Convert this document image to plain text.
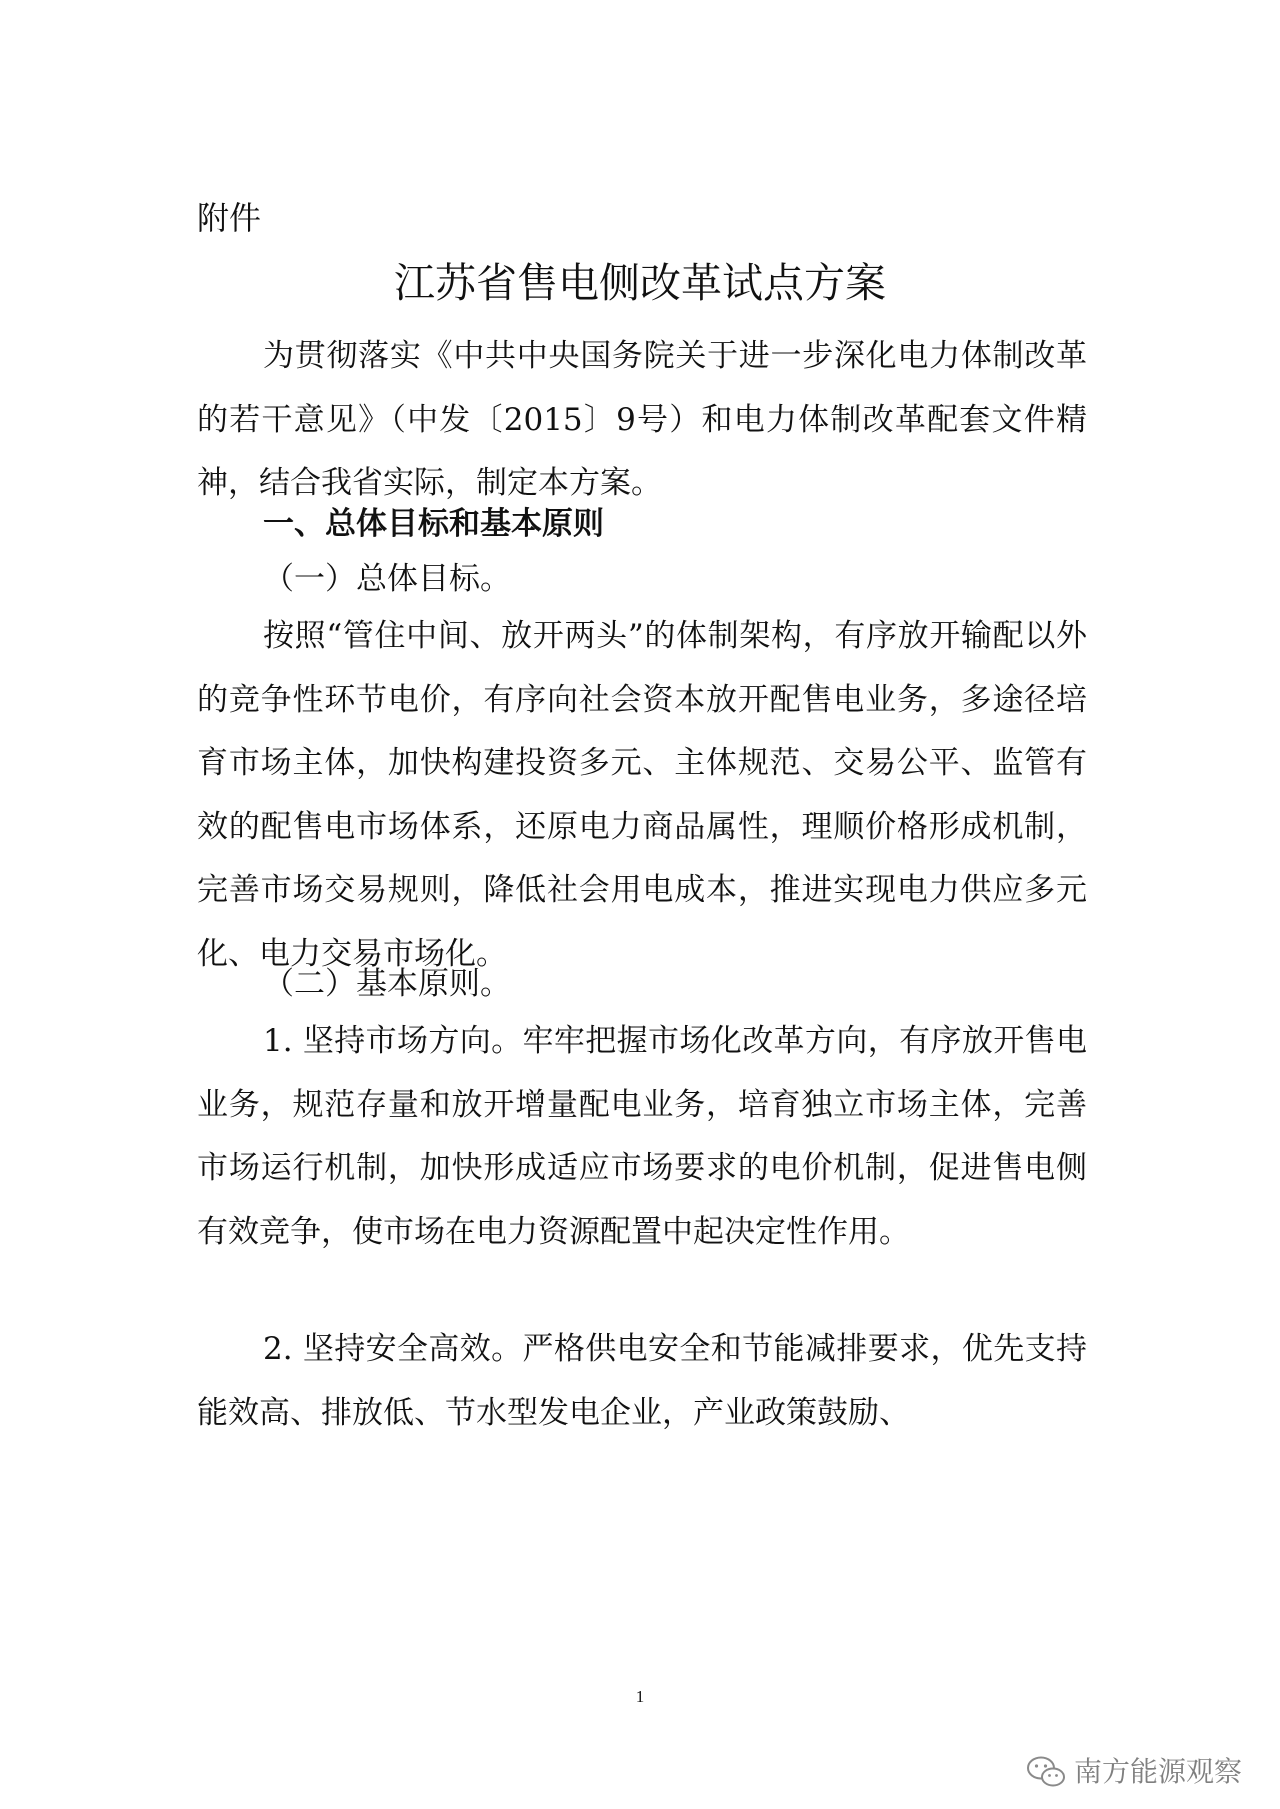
附件
江苏省售电侧改革试点方案

为贯彻落实《中共中央国务院关于进一步深化电力体制改革的若干意见》（中发〔2015〕9号）和电力体制改革配套文件精神，结合我省实际，制定本方案。

一、总体目标和基本原则
（一）总体目标。

按照“管住中间、放开两头”的体制架构，有序放开输配以外的竞争性环节电价，有序向社会资本放开配售电业务，多途径培育市场主体，加快构建投资多元、主体规范、交易公平、监管有效的配售电市场体系，还原电力商品属性，理顺价格形成机制，完善市场交易规则，降低社会用电成本，推进实现电力供应多元化、电力交易市场化。

（二）基本原则。

1. 坚持市场方向。牢牢把握市场化改革方向，有序放开售电业务，规范存量和放开增量配电业务，培育独立市场主体，完善市场运行机制，加快形成适应市场要求的电价机制，促进售电侧有效竞争，使市场在电力资源配置中起决定性作用。

2. 坚持安全高效。严格供电安全和节能减排要求，优先支持能效高、排放低、节水型发电企业，产业政策鼓励、

1
南方能源观察
